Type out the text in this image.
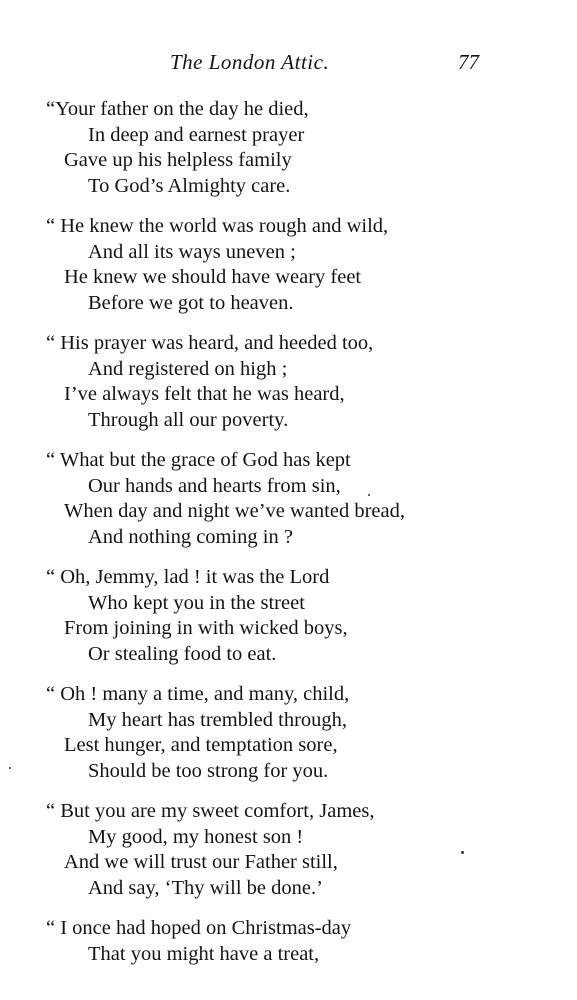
The London Attic.	77
“Your father on the day he died,
In deep and earnest prayer
Gave up his helpless family
To God’s Almighty care.
“ He knew the world was rough and wild,
And all its ways uneven ;
He knew we should have weary feet
Before we got to heaven.
“ His prayer was heard, and heeded too,
And registered on high ;
I’ve always felt that he was heard,
Through all our poverty.
“ What but the grace of God has kept
Our hands and hearts from sin,
When day and night we’ve wanted bread,
And nothing coming in ?
“ Oh, Jemmy, lad ! it was the Lord
Who kept you in the street
From joining in with wicked boys,
Or stealing food to eat.
“ Oh ! many a time, and many, child,
My heart has trembled through,
Lest hunger, and temptation sore,
Should be too strong for you.
“ But you are my sweet comfort, James,
My good, my honest son !
And we will trust our Father still,
And say, ‘Thy will be done.’
“ I once had hoped on Christmas-day
That you might have a treat,
